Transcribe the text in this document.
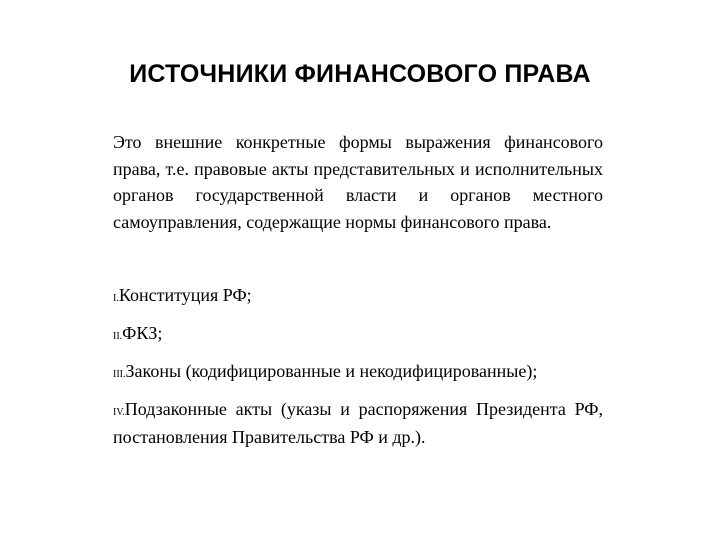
ИСТОЧНИКИ ФИНАНСОВОГО ПРАВА
Это внешние конкретные формы выражения финансового права, т.е. правовые акты представительных и исполнительных органов государственной власти и органов местного самоуправления, содержащие нормы финансового права.
I.Конституция РФ;
II.ФКЗ;
III.Законы (кодифицированные и некодифицированные);
IV.Подзаконные акты (указы и распоряжения Президента РФ, постановления Правительства РФ и др.).
